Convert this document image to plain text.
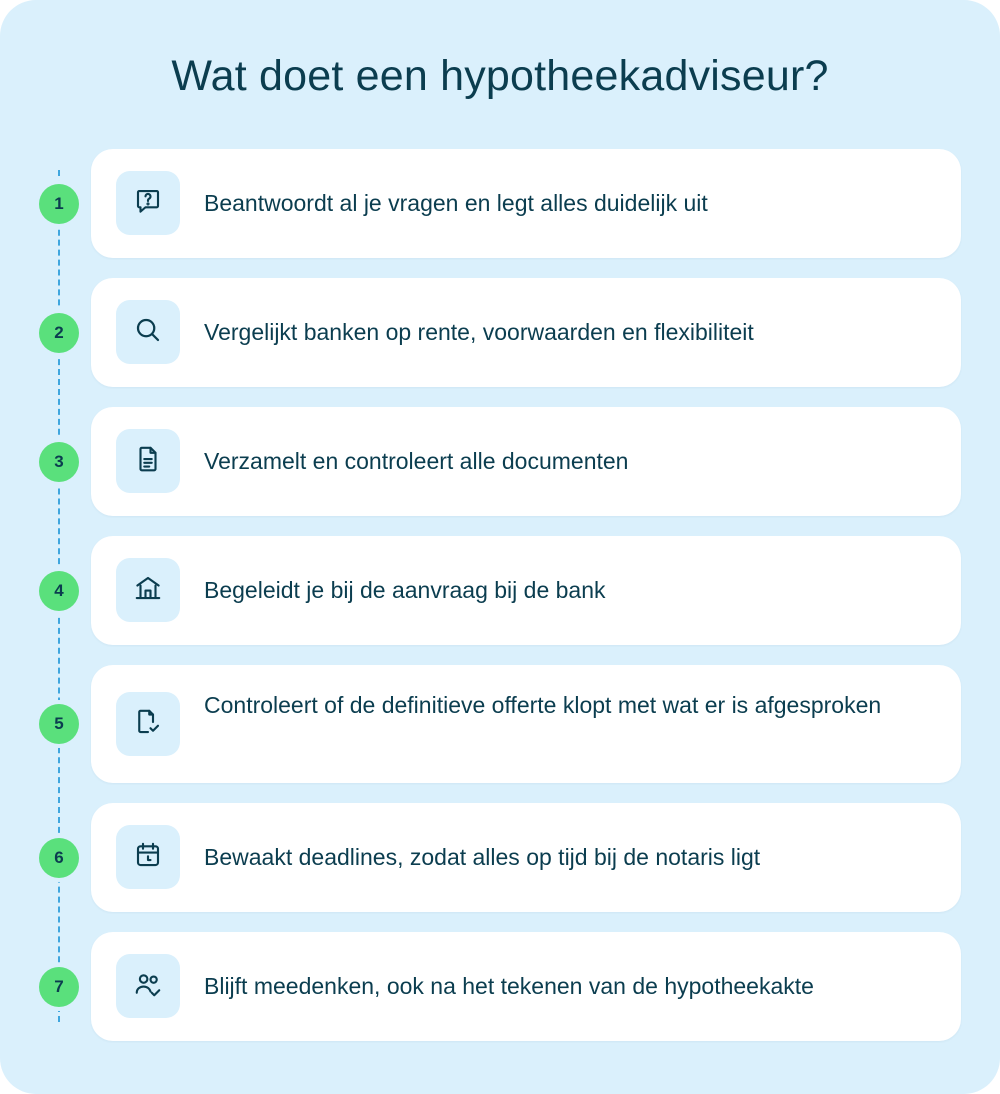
Wat doet een hypotheekadviseur?
1	Beantwoordt al je vragen en legt alles duidelijk uit
2	Vergelijkt banken op rente, voorwaarden en flexibiliteit
3	Verzamelt en controleert alle documenten
4	Begeleidt je bij de aanvraag bij de bank
5
Controleert of de definitieve offerte klopt met wat er is afgesproken
6	Bewaakt deadlines, zodat alles op tijd bij de notaris ligt
7	Blijft meedenken, ook na het tekenen van de hypotheekakte
